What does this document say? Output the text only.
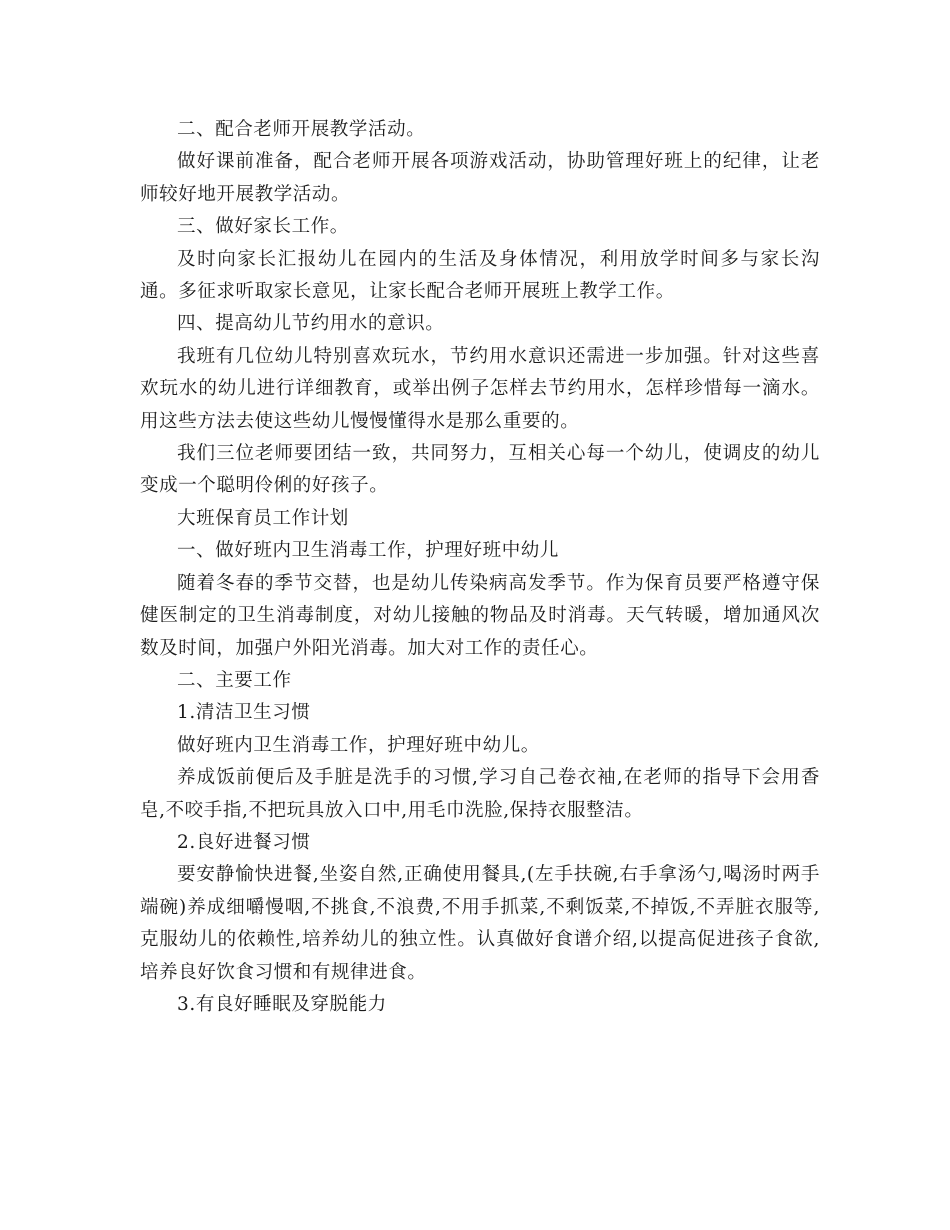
二、配合老师开展教学活动。

做好课前准备，配合老师开展各项游戏活动，协助管理好班上的纪律，让老师较好地开展教学活动。

三、做好家长工作。

及时向家长汇报幼儿在园内的生活及身体情况，利用放学时间多与家长沟通。多征求听取家长意见，让家长配合老师开展班上教学工作。

四、提高幼儿节约用水的意识。

我班有几位幼儿特别喜欢玩水，节约用水意识还需进一步加强。针对这些喜欢玩水的幼儿进行详细教育，或举出例子怎样去节约用水，怎样珍惜每一滴水。用这些方法去使这些幼儿慢慢懂得水是那么重要的。

我们三位老师要团结一致，共同努力，互相关心每一个幼儿，使调皮的幼儿变成一个聪明伶俐的好孩子。

大班保育员工作计划

一、做好班内卫生消毒工作，护理好班中幼儿

随着冬春的季节交替，也是幼儿传染病高发季节。作为保育员要严格遵守保健医制定的卫生消毒制度，对幼儿接触的物品及时消毒。天气转暖，增加通风次数及时间，加强户外阳光消毒。加大对工作的责任心。

二、主要工作

1.清洁卫生习惯

做好班内卫生消毒工作，护理好班中幼儿。

养成饭前便后及手脏是洗手的习惯,学习自己卷衣袖,在老师的指导下会用香皂,不咬手指,不把玩具放入口中,用毛巾洗脸,保持衣服整洁。

2.良好进餐习惯

要安静愉快进餐,坐姿自然,正确使用餐具,(左手扶碗,右手拿汤勺,喝汤时两手端碗)养成细嚼慢咽,不挑食,不浪费,不用手抓菜,不剩饭菜,不掉饭,不弄脏衣服等,克服幼儿的依赖性,培养幼儿的独立性。认真做好食谱介绍,以提高促进孩子食欲,培养良好饮食习惯和有规律进食。

3.有良好睡眠及穿脱能力
